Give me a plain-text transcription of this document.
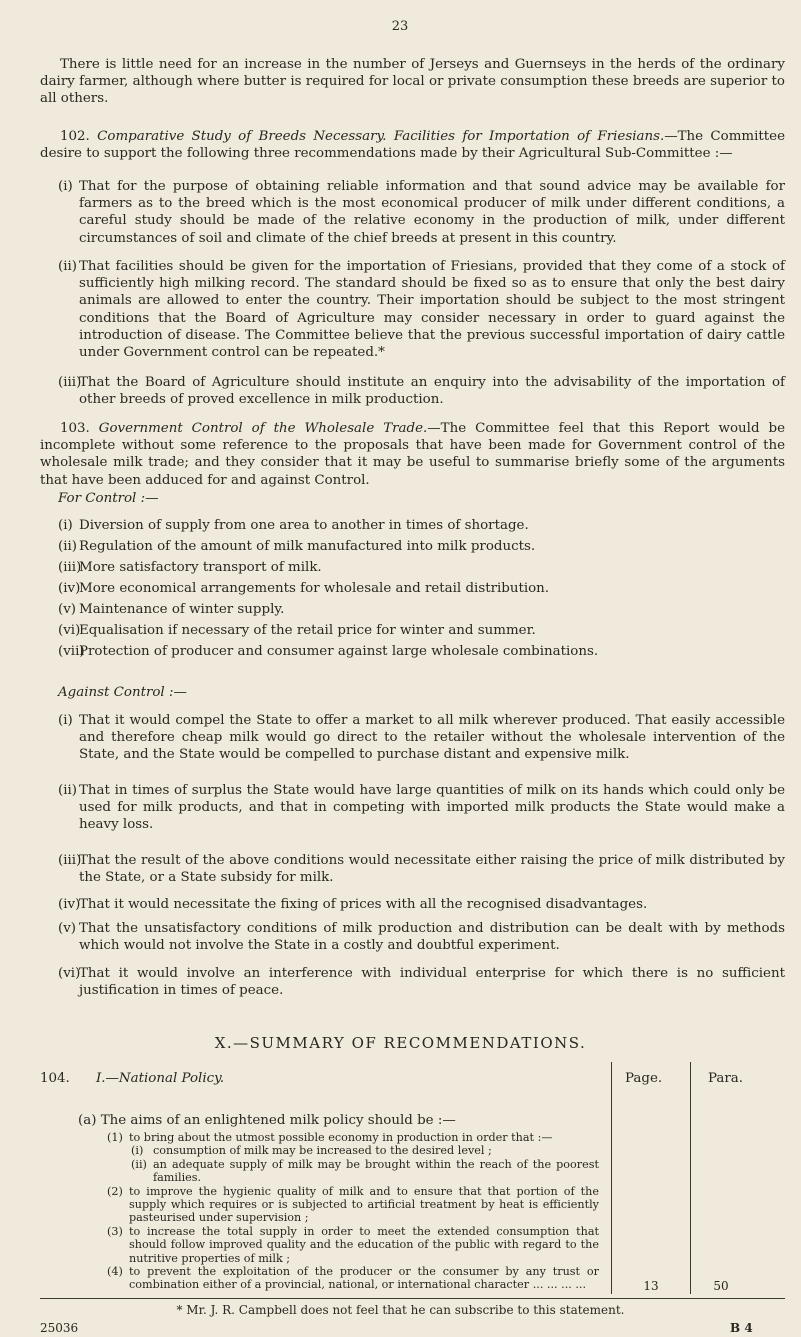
23
There is little need for an increase in the number of Jerseys and Guernseys in the herds of the ordinary dairy farmer, although where butter is required for local or private consumption these breeds are superior to all others.
102. Comparative Study of Breeds Necessary. Facilities for Importation of Friesians.—The Committee desire to support the following three recommendations made by their Agricultural Sub-Committee :—
(i) That for the purpose of obtaining reliable information and that sound advice may be available for farmers as to the breed which is the most economical producer of milk under different conditions, a careful study should be made of the relative economy in the production of milk, under different circumstances of soil and climate of the chief breeds at present in this country.
(ii) That facilities should be given for the importation of Friesians, provided that they come of a stock of sufficiently high milking record. The standard should be fixed so as to ensure that only the best dairy animals are allowed to enter the country. Their importation should be subject to the most stringent conditions that the Board of Agriculture may consider necessary in order to guard against the introduction of disease. The Committee believe that the previous successful importation of dairy cattle under Government control can be repeated.*
(iii)
That the Board of Agriculture should institute an enquiry into the advisability of the importation of other breeds of proved excellence in milk production.
103. Government Control of the Wholesale Trade.—The Committee feel that this Report would be incomplete without some reference to the proposals that have been made for Government control of the wholesale milk trade; and they consider that it may be useful to summarise briefly some of the arguments that have been adduced for and against Control.
For Control :—
(i) Diversion of supply from one area to another in times of shortage.
(ii) Regulation of the amount of milk manufactured into milk products.
(iii)
More satisfactory transport of milk.
(iv)
More economical arrangements for wholesale and retail distribution.
(v) Maintenance of winter supply.
(vi)
Equalisation if necessary of the retail price for winter and summer.
(vii)
Protection of producer and consumer against large wholesale combinations.
Against Control :—
(i) That it would compel the State to offer a market to all milk wherever produced. That easily accessible and therefore cheap milk would go direct to the retailer without the wholesale intervention of the State, and the State would be compelled to purchase distant and expensive milk.
(ii) That in times of surplus the State would have large quantities of milk on its hands which could only be used for milk products, and that in competing with imported milk products the State would make a heavy loss.
(iii)
That the result of the above conditions would necessitate either raising the price of milk distributed by the State, or a State subsidy for milk.
(iv)
That it would necessitate the fixing of prices with all the recognised disadvantages.
(v) That the unsatisfactory conditions of milk production and distribution can be dealt with by methods which would not involve the State in a costly and doubtful experiment.
(vi)
That it would involve an interference with individual enterprise for which there is no sufficient justification in times of peace.
X.—SUMMARY OF RECOMMENDATIONS.
104. I.—National Policy.	Page.	Para.
(a) The aims of an enlightened milk policy should be :—
(1) to bring about the utmost possible economy in production in order that :—
(i) consumption of milk may be increased to the desired level ;
(ii) an adequate supply of milk may be brought within the reach of the poorest families.
(2) to improve the hygienic quality of milk and to ensure that that portion of the supply which requires or is subjected to artificial treatment by heat is efficiently pasteurised under supervision ;
(3) to increase the total supply in order to meet the extended consumption that should follow improved quality and the education of the public with regard to the nutritive properties of milk ;
(4) to prevent the exploitation of the producer or the consumer by any trust or combination either of a provincial, national, or international character ... ... ... ...	13	50
* Mr. J. R. Campbell does not feel that he can subscribe to this statement.
25036	B 4
